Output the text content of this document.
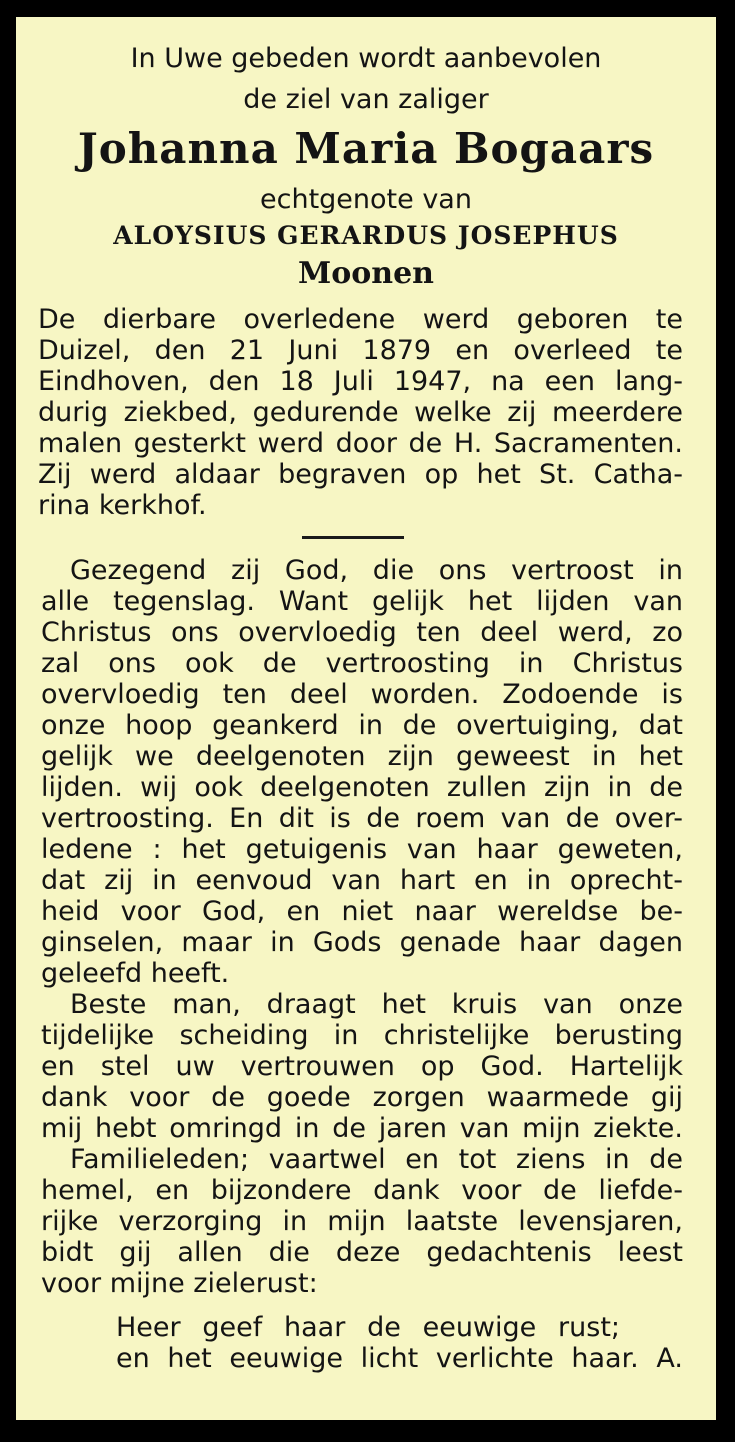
In Uwe gebeden wordt aanbevolen
de ziel van zaliger
Johanna Maria Bogaars
echtgenote van
ALOYSIUS GERARDUS JOSEPHUS
Moonen
De dierbare overledene werd geboren te
Duizel, den 21 Juni 1879 en overleed te
Eindhoven, den 18 Juli 1947, na een lang-
durig ziekbed, gedurende welke zij meerdere
malen gesterkt werd door de H. Sacramenten.
Zij werd aldaar begraven op het St. Catha-
rina kerkhof.
Gezegend zij God, die ons vertroost in
alle tegenslag. Want gelijk het lijden van
Christus ons overvloedig ten deel werd, zo
zal ons ook de vertroosting in Christus
overvloedig ten deel worden. Zodoende is
onze hoop geankerd in de overtuiging, dat
gelijk we deelgenoten zijn geweest in het
lijden. wij ook deelgenoten zullen zijn in de
vertroosting. En dit is de roem van de over-
ledene : het getuigenis van haar geweten,
dat zij in eenvoud van hart en in oprecht-
heid voor God, en niet naar wereldse be-
ginselen, maar in Gods genade haar dagen
geleefd heeft.
Beste man, draagt het kruis van onze
tijdelijke scheiding in christelijke berusting
en stel uw vertrouwen op God. Hartelijk
dank voor de goede zorgen waarmede gij
mij hebt omringd in de jaren van mijn ziekte.
Familieleden; vaartwel en tot ziens in de
hemel, en bijzondere dank voor de liefde-
rijke verzorging in mijn laatste levensjaren,
bidt gij allen die deze gedachtenis leest
voor mijne zielerust:
Heer geef haar de eeuwige rust;
en het eeuwige licht verlichte haar. A.
